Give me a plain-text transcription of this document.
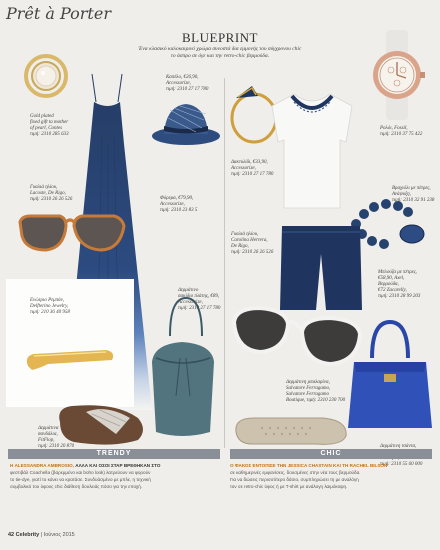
Prêt à Porter
BLUEPRINT
Ένα κλασικό καλοκαιρινό χρώμα συνοστά δια εμμονής του σύγχρονου chic
το άσπρο σε όγε και την retro-chic βερμούδα.
Gold plated
fixed gift ta mother
of pearl, Contes
τιμή: 2310 285 633
Καπέλο, €26,90,
Accessorize,
τιμή: 2310 27 17 780
Δακτυλίδι, €33,90,
Accessorize,
τιμή: 2310 27 17 780
Ρολόι, Fossil,
τιμή: 2310 37 75 422
Φόρεμα, €79,90,
Accessorize,
τιμή: 2310 23 83 5
Γυαλιά ηλίου,
Lacoste, De Rigo,
τιμή: 2310 26 26 526
Βραχιόλι με πέτρες,
Ανάψυξη,
τιμή: 2310 32 91 238
Γυαλιά ηλίου,
Carolina Herrera,
De Rigo,
τιμή: 2310 26 26 526
Μπλούζα με πέτρες,
€58,90, Axel,
Βερμούδα,
€72 Zacarelly,
τιμή: 2310 28 99 203
Ενώτριο Ρεμπάν,
Delfterino Jewelry,
τιμή: 210 36 40 958
Δερμάτινο
σακίδιο πλάτης, €89,
Accessorize,
τιμή: 2310 27 17 780
Δερμάτινη τσάντα,
τιμή: 2310 55 60 000
Δερμάτινη μπαλαρίνα,
Salvatore Ferragamo,
Salvatore Ferragamo
Boutique, τιμή: 2310 230 700
Δερμάτινα
σανδάλια,
FitFlop,
τιμή: 2310 20 870
TRENDY	CHIC
Η ALESSANDRA AMBROSIO, ΑΛΛΑ ΚΑΙ ΟΣΟΙ ΣΤΑΡ ΒΡΕΘΗΚΑΝ ΣΤΟ
φεστιβάλ Coachella (βαρεμμένο και boho look) λατρεύουν να φορούν
το tie-dye, γιατί το κάνει να κρατάσε. Συνδυάσμένο με μπλε, η τεχνική
συμβολικό του ύφους chic διάθεση δουλειάς πόσο για την εποχή.
Ο ΦΑΚΟΣ ΕΝΤΟΠΙΣΕ ΤΗΝ JESSICA CHASTAIN ΚΑΙ ΤΗ RACHEL BILSON
σε καθημερινές εμφανίσεις, δουσμένες στην νέα τους βερμούδα.
Για να δώσεις περισσότερο δάσιο, συμπληρώσει τη με αναλόγη
τον σε retro-chic ύφος ή με T-shirt με ανάλογη λαιμόκοψη.
42 Celebrity | Ιούνιος 2015
